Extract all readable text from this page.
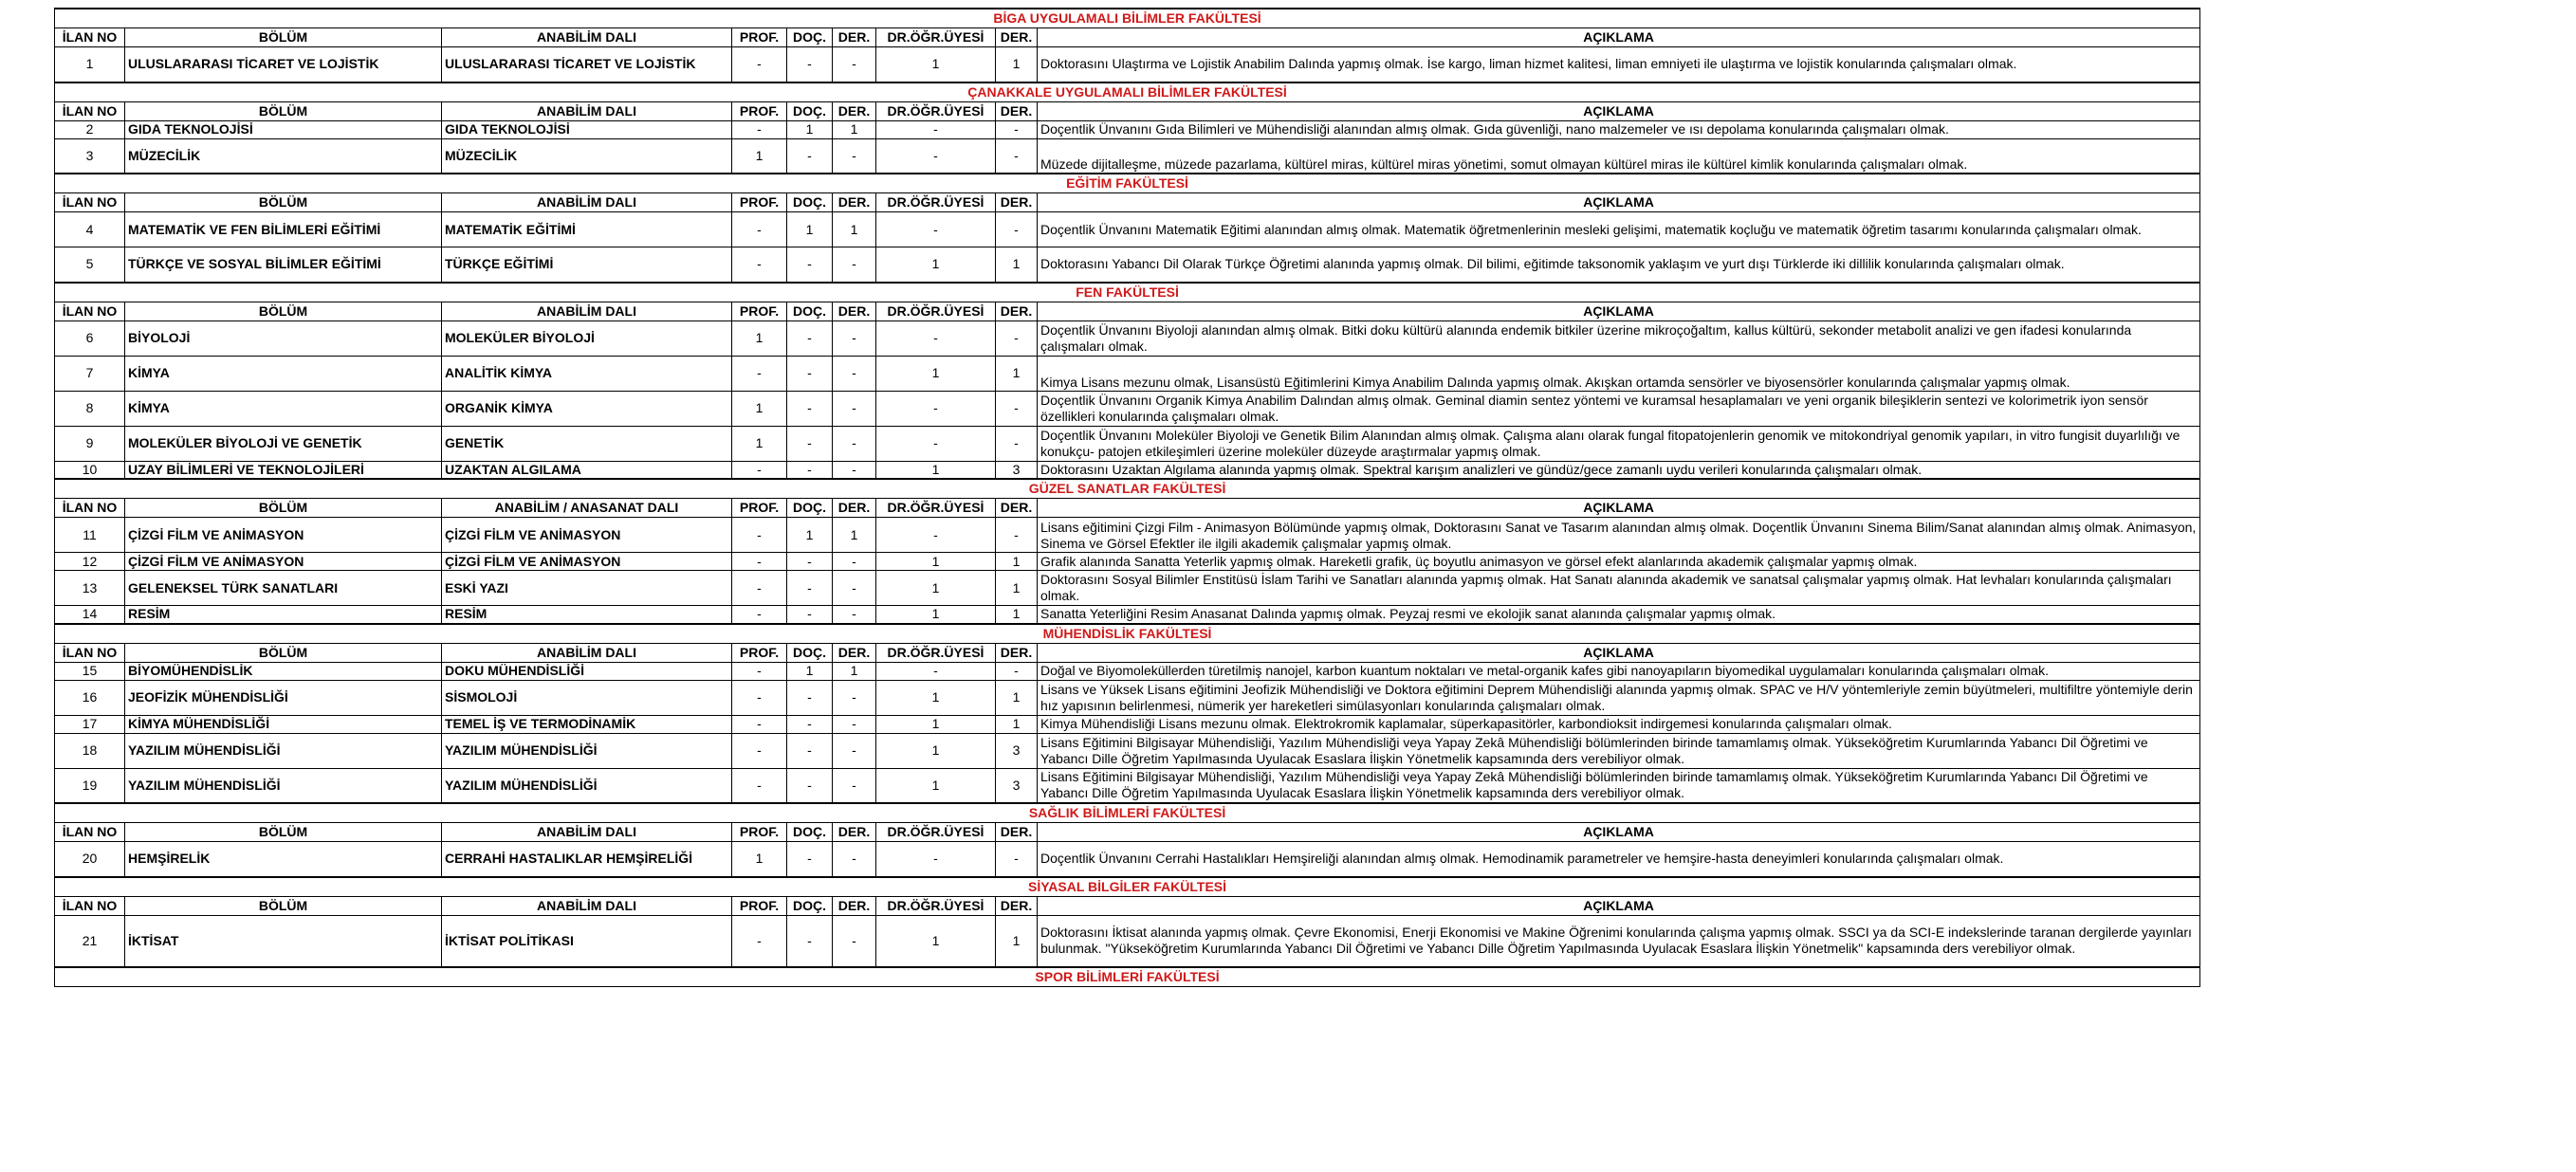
BİGA UYGULAMALI BİLİMLER FAKÜLTESİ								
İLAN NO	BÖLÜM	ANABİLİM DALI	PROF.	DOÇ.	DER.	DR.ÖĞR.ÜYESİ	DER.	AÇIKLAMA
1	ULUSLARARASI TİCARET VE LOJİSTİK	ULUSLARARASI TİCARET VE LOJİSTİK	-	-	-	1	1	Doktorasını Ulaştırma ve Lojistik Anabilim Dalında yapmış olmak. İse kargo, liman hizmet kalitesi, liman emniyeti ile ulaştırma ve lojistik konularında çalışmaları olmak.
ÇANAKKALE UYGULAMALI BİLİMLER FAKÜLTESİ								
İLAN NO	BÖLÜM	ANABİLİM DALI	PROF.	DOÇ.	DER.	DR.ÖĞR.ÜYESİ	DER.	AÇIKLAMA
2	GIDA TEKNOLOJİSİ	GIDA TEKNOLOJİSİ	-	1	1	-	-	Doçentlik Ünvanını Gıda Bilimleri ve Mühendisliği alanından almış olmak. Gıda güvenliği, nano malzemeler ve ısı depolama konularında çalışmaları olmak.
3	MÜZECİLİK	MÜZECİLİK	1	-	-	-	-	Müzede dijitalleşme, müzede pazarlama, kültürel miras, kültürel miras yönetimi, somut olmayan kültürel miras ile kültürel kimlik konularında çalışmaları olmak.
EĞİTİM FAKÜLTESİ								
İLAN NO	BÖLÜM	ANABİLİM DALI	PROF.	DOÇ.	DER.	DR.ÖĞR.ÜYESİ	DER.	AÇIKLAMA
4	MATEMATİK VE FEN BİLİMLERİ EĞİTİMİ	MATEMATİK EĞİTİMİ	-	1	1	-	-	Doçentlik Ünvanını Matematik Eğitimi alanından almış olmak. Matematik öğretmenlerinin mesleki gelişimi, matematik koçluğu ve matematik öğretim tasarımı konularında çalışmaları olmak.
5	TÜRKÇE VE SOSYAL BİLİMLER EĞİTİMİ	TÜRKÇE EĞİTİMİ	-	-	-	1	1	Doktorasını Yabancı Dil Olarak Türkçe Öğretimi alanında yapmış olmak. Dil bilimi, eğitimde taksonomik yaklaşım ve yurt dışı Türklerde iki dillilik konularında çalışmaları olmak.
FEN FAKÜLTESİ								
İLAN NO	BÖLÜM	ANABİLİM DALI	PROF.	DOÇ.	DER.	DR.ÖĞR.ÜYESİ	DER.	AÇIKLAMA
6	BİYOLOJİ	MOLEKÜLER BİYOLOJİ	1	-	-	-	-	Doçentlik Ünvanını Biyoloji alanından almış olmak. Bitki doku kültürü alanında endemik bitkiler üzerine mikroçoğaltım, kallus kültürü, sekonder metabolit analizi ve gen ifadesi konularında çalışmaları olmak.
7	KİMYA	ANALİTİK KİMYA	-	-	-	1	1	Kimya Lisans mezunu olmak, Lisansüstü Eğitimlerini Kimya Anabilim Dalında yapmış olmak. Akışkan ortamda sensörler ve biyosensörler konularında çalışmalar yapmış olmak.
8	KİMYA	ORGANİK KİMYA	1	-	-	-	-	Doçentlik Ünvanını Organik Kimya Anabilim Dalından almış olmak. Geminal diamin sentez yöntemi ve kuramsal hesaplamaları ve yeni organik bileşiklerin sentezi ve kolorimetrik iyon sensör özellikleri konularında çalışmaları olmak.
9	MOLEKÜLER BİYOLOJİ VE GENETİK	GENETİK	1	-	-	-	-	Doçentlik Ünvanını Moleküler Biyoloji ve Genetik Bilim Alanından almış olmak. Çalışma alanı olarak fungal fitopatojenlerin genomik ve mitokondriyal genomik yapıları, in vitro fungisit duyarlılığı ve konukçu- patojen etkileşimleri üzerine moleküler düzeyde araştırmalar yapmış olmak.
10	UZAY BİLİMLERİ VE TEKNOLOJİLERİ	UZAKTAN ALGILAMA	-	-	-	1	3	Doktorasını Uzaktan Algılama alanında yapmış olmak. Spektral karışım analizleri ve gündüz/gece zamanlı uydu verileri konularında çalışmaları olmak.
GÜZEL SANATLAR FAKÜLTESİ								
İLAN NO	BÖLÜM	ANABİLİM / ANASANAT DALI	PROF.	DOÇ.	DER.	DR.ÖĞR.ÜYESİ	DER.	AÇIKLAMA
11	ÇİZGİ FİLM VE ANİMASYON	ÇİZGİ FİLM VE ANİMASYON	-	1	1	-	-	Lisans eğitimini Çizgi Film - Animasyon Bölümünde yapmış olmak, Doktorasını Sanat ve Tasarım alanından almış olmak. Doçentlik Ünvanını Sinema Bilim/Sanat alanından almış olmak. Animasyon, Sinema ve Görsel Efektler ile ilgili akademik çalışmalar yapmış olmak.
12	ÇİZGİ FİLM VE ANİMASYON	ÇİZGİ FİLM VE ANİMASYON	-	-	-	1	1	Grafik alanında Sanatta Yeterlik yapmış olmak. Hareketli grafik, üç boyutlu animasyon ve görsel efekt alanlarında akademik çalışmalar yapmış olmak.
13	GELENEKSEL TÜRK SANATLARI	ESKİ YAZI	-	-	-	1	1	Doktorasını Sosyal Bilimler Enstitüsü İslam Tarihi ve Sanatları alanında yapmış olmak. Hat Sanatı alanında akademik ve sanatsal çalışmalar yapmış olmak. Hat levhaları konularında çalışmaları olmak.
14	RESİM	RESİM	-	-	-	1	1	Sanatta Yeterliğini Resim Anasanat Dalında yapmış olmak. Peyzaj resmi ve ekolojik sanat alanında çalışmalar yapmış olmak.
MÜHENDİSLİK FAKÜLTESİ								
İLAN NO	BÖLÜM	ANABİLİM DALI	PROF.	DOÇ.	DER.	DR.ÖĞR.ÜYESİ	DER.	AÇIKLAMA
15	BİYOMÜHENDİSLİK	DOKU MÜHENDİSLİĞİ	-	1	1	-	-	Doğal ve Biyomoleküllerden türetilmiş nanojel, karbon kuantum noktaları ve metal-organik kafes gibi nanoyapıların biyomedikal uygulamaları konularında çalışmaları olmak.
16	JEOFİZİK MÜHENDİSLİĞİ	SİSMOLOJİ	-	-	-	1	1	Lisans ve Yüksek Lisans eğitimini Jeofizik Mühendisliği ve Doktora eğitimini Deprem Mühendisliği alanında yapmış olmak. SPAC ve H/V yöntemleriyle zemin büyütmeleri, multifiltre yöntemiyle derin hız yapısının belirlenmesi, nümerik yer hareketleri simülasyonları konularında çalışmaları olmak.
17	KİMYA MÜHENDİSLİĞİ	TEMEL İŞ VE TERMODİNAMİK	-	-	-	1	1	Kimya Mühendisliği Lisans mezunu olmak. Elektrokromik kaplamalar, süperkapasitörler, karbondioksit indirgemesi konularında çalışmaları olmak.
18	YAZILIM MÜHENDİSLİĞİ	YAZILIM MÜHENDİSLİĞİ	-	-	-	1	3	Lisans Eğitimini Bilgisayar Mühendisliği, Yazılım Mühendisliği veya Yapay Zekâ Mühendisliği bölümlerinden birinde tamamlamış olmak. Yükseköğretim Kurumlarında Yabancı Dil Öğretimi ve Yabancı Dille Öğretim Yapılmasında Uyulacak Esaslara İlişkin Yönetmelik kapsamında ders verebiliyor olmak.
19	YAZILIM MÜHENDİSLİĞİ	YAZILIM MÜHENDİSLİĞİ	-	-	-	1	3	Lisans Eğitimini Bilgisayar Mühendisliği, Yazılım Mühendisliği veya Yapay Zekâ Mühendisliği bölümlerinden birinde tamamlamış olmak. Yükseköğretim Kurumlarında Yabancı Dil Öğretimi ve Yabancı Dille Öğretim Yapılmasında Uyulacak Esaslara İlişkin Yönetmelik kapsamında ders verebiliyor olmak.
SAĞLIK BİLİMLERİ FAKÜLTESİ								
İLAN NO	BÖLÜM	ANABİLİM DALI	PROF.	DOÇ.	DER.	DR.ÖĞR.ÜYESİ	DER.	AÇIKLAMA
20	HEMŞİRELİK	CERRAHİ HASTALIKLAR HEMŞİRELİĞİ	1	-	-	-	-	Doçentlik Ünvanını Cerrahi Hastalıkları Hemşireliği alanından almış olmak. Hemodinamik parametreler ve hemşire-hasta deneyimleri konularında çalışmaları olmak.
SİYASAL BİLGİLER FAKÜLTESİ								
İLAN NO	BÖLÜM	ANABİLİM DALI	PROF.	DOÇ.	DER.	DR.ÖĞR.ÜYESİ	DER.	AÇIKLAMA
21	İKTİSAT	İKTİSAT POLİTİKASI	-	-	-	1	1	Doktorasını İktisat alanında yapmış olmak. Çevre Ekonomisi, Enerji Ekonomisi ve Makine Öğrenimi konularında çalışma yapmış olmak. SSCI ya da SCI-E indekslerinde taranan dergilerde yayınları bulunmak. "Yükseköğretim Kurumlarında Yabancı Dil Öğretimi ve Yabancı Dille Öğretim Yapılmasında Uyulacak Esaslara İlişkin Yönetmelik" kapsamında ders verebiliyor olmak.
SPOR BİLİMLERİ FAKÜLTESİ								
